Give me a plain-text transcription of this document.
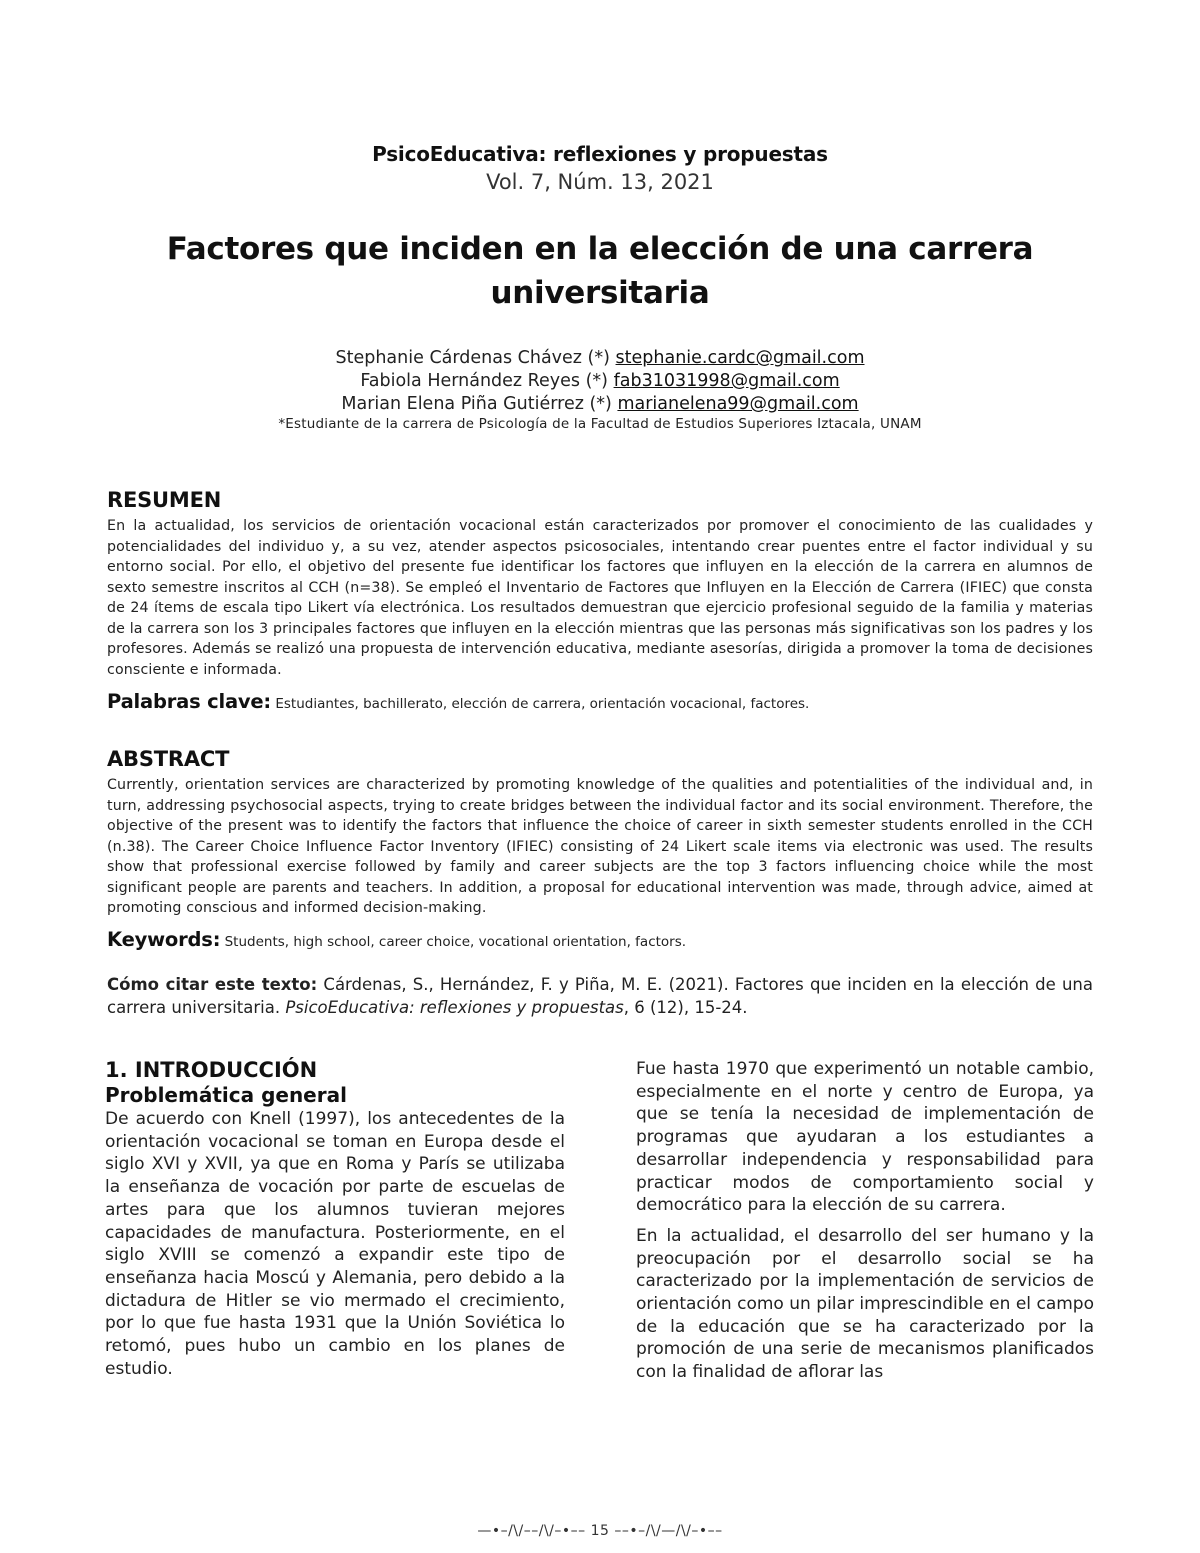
PsicoEducativa: reflexiones y propuestas
Vol. 7, Núm. 13, 2021
Factores que inciden en la elección de una carrera universitaria
Stephanie Cárdenas Chávez (*) stephanie.cardc@gmail.com
Fabiola Hernández Reyes (*) fab31031998@gmail.com
Marian Elena Piña Gutiérrez (*) marianelena99@gmail.com
*Estudiante de la carrera de Psicología de la Facultad de Estudios Superiores Iztacala, UNAM
RESUMEN
En la actualidad, los servicios de orientación vocacional están caracterizados por promover el conocimiento de las cualidades y potencialidades del individuo y, a su vez, atender aspectos psicosociales, intentando crear puentes entre el factor individual y su entorno social. Por ello, el objetivo del presente fue identificar los factores que influyen en la elección de la carrera en alumnos de sexto semestre inscritos al CCH (n=38). Se empleó el Inventario de Factores que Influyen en la Elección de Carrera (IFIEC) que consta de 24 ítems de escala tipo Likert vía electrónica. Los resultados demuestran que ejercicio profesional seguido de la familia y materias de la carrera son los 3 principales factores que influyen en la elección mientras que las personas más significativas son los padres y los profesores. Además se realizó una propuesta de intervención educativa, mediante asesorías, dirigida a promover la toma de decisiones consciente e informada.
Palabras clave: Estudiantes, bachillerato, elección de carrera, orientación vocacional, factores.
ABSTRACT
Currently, orientation services are characterized by promoting knowledge of the qualities and potentialities of the individual and, in turn, addressing psychosocial aspects, trying to create bridges between the individual factor and its social environment. Therefore, the objective of the present was to identify the factors that influence the choice of career in sixth semester students enrolled in the CCH (n.38). The Career Choice Influence Factor Inventory (IFIEC) consisting of 24 Likert scale items via electronic was used. The results show that professional exercise followed by family and career subjects are the top 3 factors influencing choice while the most significant people are parents and teachers. In addition, a proposal for educational intervention was made, through advice, aimed at promoting conscious and informed decision-making.
Keywords: Students, high school, career choice, vocational orientation, factors.
Cómo citar este texto: Cárdenas, S., Hernández, F. y Piña, M. E. (2021). Factores que inciden en la elección de una carrera universitaria. PsicoEducativa: reflexiones y propuestas, 6 (12), 15-24.
1. INTRODUCCIÓN
Problemática general

De acuerdo con Knell (1997), los antecedentes de la orientación vocacional se toman en Europa desde el siglo XVI y XVII, ya que en Roma y París se utilizaba la enseñanza de vocación por parte de escuelas de artes para que los alumnos tuvieran mejores capacidades de manufactura. Posteriormente, en el siglo XVIII se comenzó a expandir este tipo de enseñanza hacia Moscú y Alemania, pero debido a la dictadura de Hitler se vio mermado el crecimiento, por lo que fue hasta 1931 que la Unión Soviética lo retomó, pues hubo un cambio en los planes de estudio.

Fue hasta 1970 que experimentó un notable cambio, especialmente en el norte y centro de Europa, ya que se tenía la necesidad de implementación de programas que ayudaran a los estudiantes a desarrollar independencia y responsabilidad para practicar modos de comportamiento social y democrático para la elección de su carrera.

En la actualidad, el desarrollo del ser humano y la preocupación por el desarrollo social se ha caracterizado por la implementación de servicios de orientación como un pilar imprescindible en el campo de la educación que se ha caracterizado por la promoción de una serie de mecanismos planificados con la finalidad de aflorar las

—•–/\/––/\/–•–– 15 ––•–/\/—/\/–•––
